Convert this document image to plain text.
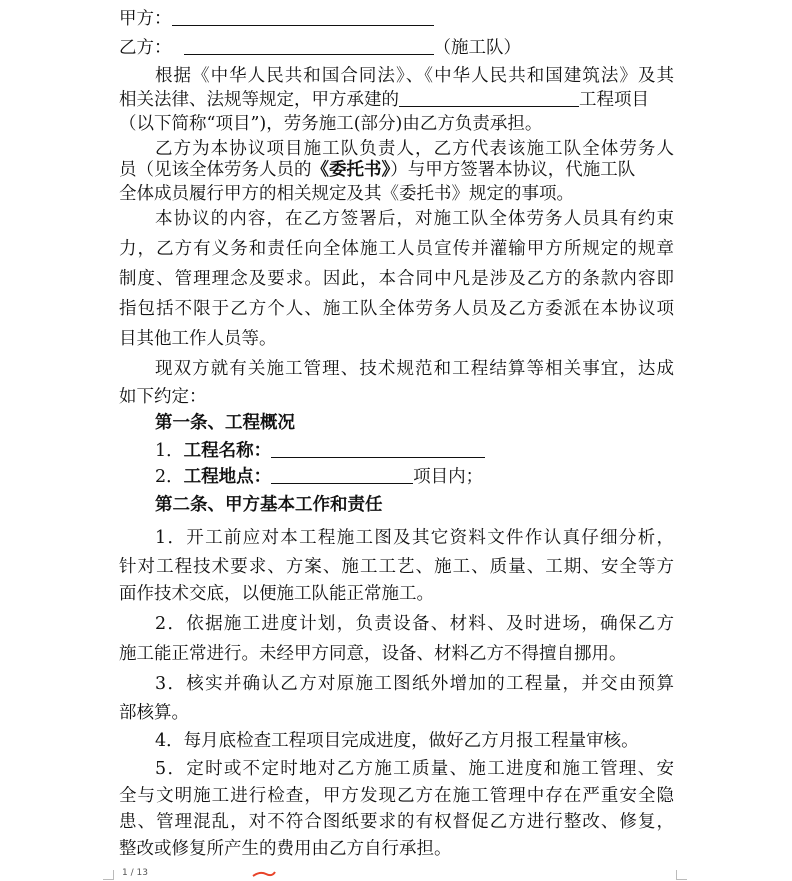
甲方：
乙方：	（施工队）
根据《中华人民共和国合同法》、《中华人民共和国建筑法》及其
相关法律、法规等规定，甲方承建的	工程项目
（以下简称“项目”)，劳务施工(部分)由乙方负责承担。
乙方为本协议项目施工队负责人，乙方代表该施工队全体劳务人
员（见该全体劳务人员的《委托书》）与甲方签署本协议，代施工队
全体成员履行甲方的相关规定及其《委托书》规定的事项。
本协议的内容，在乙方签署后，对施工队全体劳务人员具有约束
力，乙方有义务和责任向全体施工人员宣传并灌输甲方所规定的规章
制度、管理理念及要求。因此，本合同中凡是涉及乙方的条款内容即
指包括不限于乙方个人、施工队全体劳务人员及乙方委派在本协议项
目其他工作人员等。
现双方就有关施工管理、技术规范和工程结算等相关事宜，达成
如下约定：
第一条、工程概况
1．工程名称：
2．工程地点：	项目内；
第二条、甲方基本工作和责任
1．开工前应对本工程施工图及其它资料文件作认真仔细分析，
针对工程技术要求、方案、施工工艺、施工、质量、工期、安全等方
面作技术交底，以便施工队能正常施工。
2．依据施工进度计划，负责设备、材料、及时进场，确保乙方
施工能正常进行。未经甲方同意，设备、材料乙方不得擅自挪用。
3．核实并确认乙方对原施工图纸外增加的工程量，并交由预算
部核算。
4．每月底检查工程项目完成进度，做好乙方月报工程量审核。
5．定时或不定时地对乙方施工质量、施工进度和施工管理、安
全与文明施工进行检查，甲方发现乙方在施工管理中存在严重安全隐
患、管理混乱，对不符合图纸要求的有权督促乙方进行整改、修复，
整改或修复所产生的费用由乙方自行承担。
1 / 13
